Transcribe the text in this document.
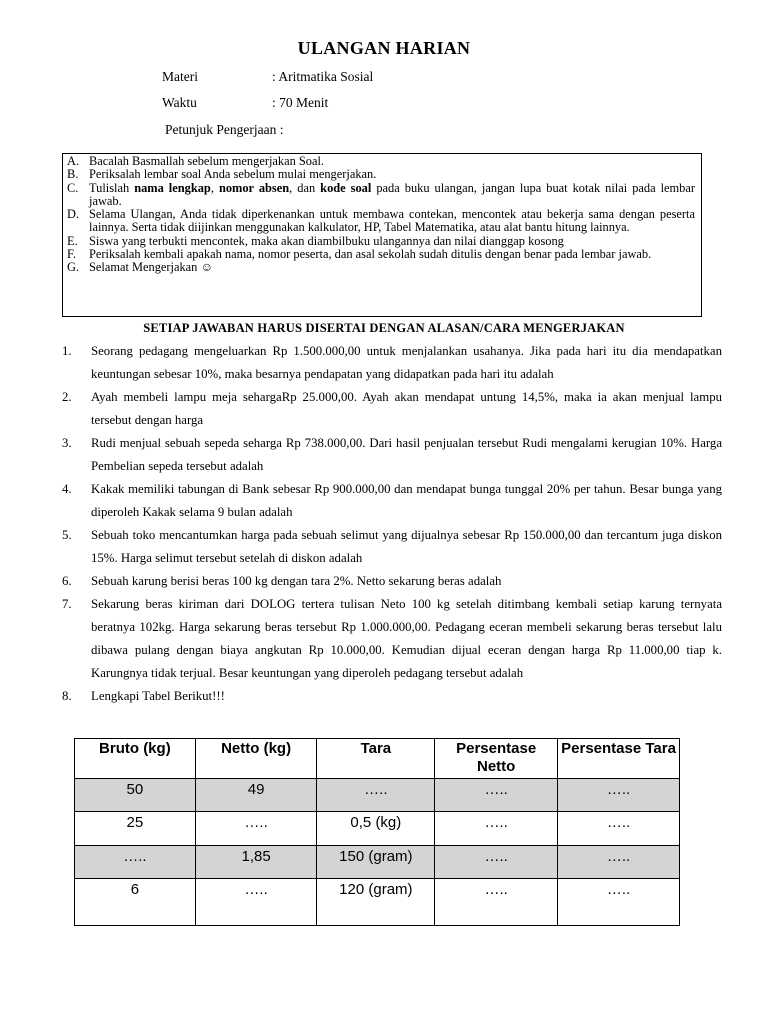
ULANGAN HARIAN
Materi	: Aritmatika Sosial
Waktu	: 70 Menit
Petunjuk Pengerjaan :
A. Bacalah Basmallah sebelum mengerjakan Soal.
B. Periksalah lembar soal Anda sebelum mulai mengerjakan.
C. Tulislah nama lengkap, nomor absen, dan kode soal pada buku ulangan, jangan lupa buat kotak nilai pada lembar jawab.
D. Selama Ulangan, Anda tidak diperkenankan untuk membawa contekan, mencontek atau bekerja sama dengan peserta lainnya. Serta tidak diijinkan menggunakan kalkulator, HP, Tabel Matematika, atau alat bantu hitung lainnya.
E. Siswa yang terbukti mencontek, maka akan diambilbuku ulangannya dan nilai dianggap kosong
F.	Periksalah kembali apakah nama, nomor peserta, dan asal sekolah sudah ditulis dengan benar pada lembar jawab.
G. Selamat Mengerjakan ☺
SETIAP JAWABAN HARUS DISERTAI DENGAN ALASAN/CARA MENGERJAKAN
1.	Seorang pedagang mengeluarkan Rp 1.500.000,00 untuk menjalankan usahanya. Jika pada hari itu dia mendapatkan keuntungan sebesar 10%, maka besarnya pendapatan yang didapatkan pada hari itu adalah
2.	Ayah membeli lampu meja sehargaRp 25.000,00. Ayah akan mendapat untung 14,5%, maka ia akan menjual lampu tersebut dengan harga
3.	Rudi menjual sebuah sepeda seharga Rp 738.000,00. Dari hasil penjualan tersebut Rudi mengalami kerugian 10%. Harga Pembelian sepeda tersebut adalah
4.	Kakak memiliki tabungan di Bank sebesar Rp 900.000,00 dan mendapat bunga tunggal 20% per tahun. Besar bunga yang diperoleh Kakak selama 9 bulan adalah
5.	Sebuah toko mencantumkan harga pada sebuah selimut yang dijualnya sebesar Rp 150.000,00 dan tercantum juga diskon 15%. Harga selimut tersebut setelah di diskon adalah
6.	Sebuah karung berisi beras 100 kg dengan tara 2%. Netto sekarung beras adalah
7.	Sekarung beras kiriman dari DOLOG tertera tulisan Neto 100 kg setelah ditimbang kembali setiap karung ternyata beratnya 102kg. Harga sekarung beras tersebut Rp 1.000.000,00. Pedagang eceran membeli sekarung beras tersebut lalu dibawa pulang dengan biaya angkutan Rp 10.000,00. Kemudian dijual eceran dengan harga Rp 11.000,00 tiap k. Karungnya tidak terjual. Besar keuntungan yang diperoleh pedagang tersebut adalah
8.	Lengkapi Tabel Berikut!!!
Bruto (kg)	Netto (kg)	Tara	Persentase Netto	Persentase Tara
50	49	…..	…..	…..
25	…..	0,5 (kg)	…..	…..
…..	1,85	150 (gram)	…..	…..
6	…..	120 (gram)	…..	…..
